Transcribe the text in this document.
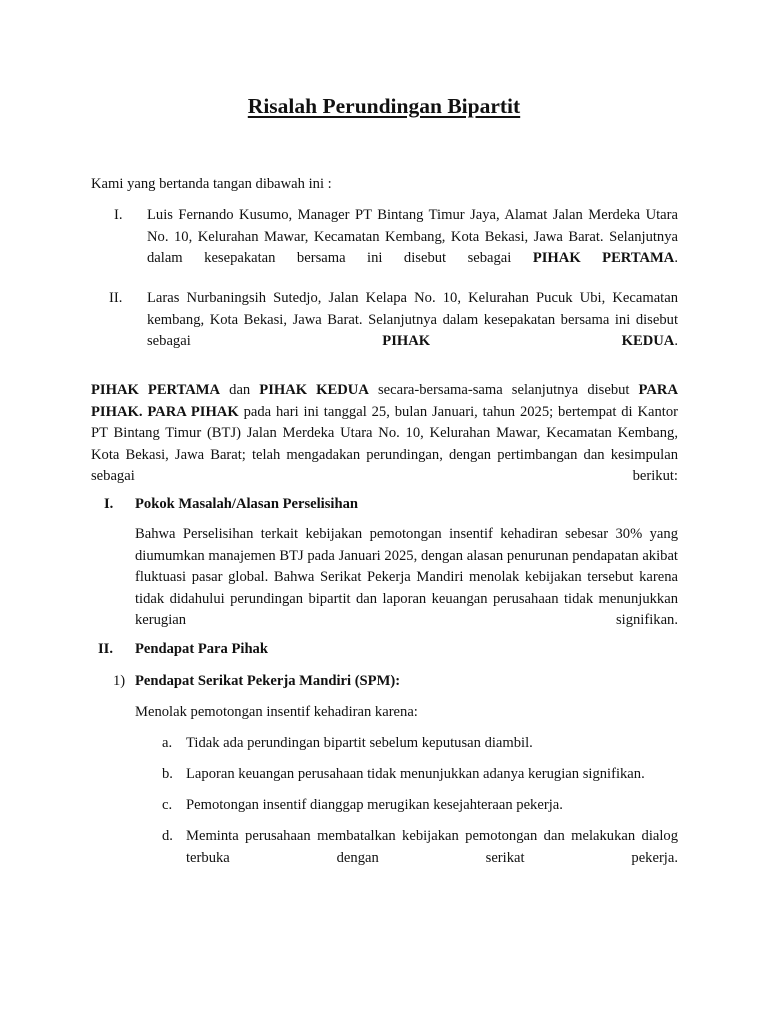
Risalah Perundingan Bipartit
Kami yang bertanda tangan dibawah ini :
I. Luis Fernando Kusumo, Manager PT Bintang Timur Jaya, Alamat Jalan Merdeka Utara No. 10, Kelurahan Mawar, Kecamatan Kembang, Kota Bekasi, Jawa Barat. Selanjutnya dalam kesepakatan bersama ini disebut sebagai PIHAK PERTAMA.
II. Laras Nurbaningsih Sutedjo, Jalan Kelapa No. 10, Kelurahan Pucuk Ubi, Kecamatan kembang, Kota Bekasi, Jawa Barat. Selanjutnya dalam kesepakatan bersama ini disebut sebagai PIHAK KEDUA.
PIHAK PERTAMA dan PIHAK KEDUA secara-bersama-sama selanjutnya disebut PARA PIHAK. PARA PIHAK pada hari ini tanggal 25, bulan Januari, tahun 2025; bertempat di Kantor PT Bintang Timur (BTJ) Jalan Merdeka Utara No. 10, Kelurahan Mawar, Kecamatan Kembang, Kota Bekasi, Jawa Barat; telah mengadakan perundingan, dengan pertimbangan dan kesimpulan sebagai berikut:
I. Pokok Masalah/Alasan Perselisihan
Bahwa Perselisihan terkait kebijakan pemotongan insentif kehadiran sebesar 30% yang diumumkan manajemen BTJ pada Januari 2025, dengan alasan penurunan pendapatan akibat fluktuasi pasar global. Bahwa Serikat Pekerja Mandiri menolak kebijakan tersebut karena tidak didahului perundingan bipartit dan laporan keuangan perusahaan tidak menunjukkan kerugian signifikan.
II. Pendapat Para Pihak
1) Pendapat Serikat Pekerja Mandiri (SPM):
Menolak pemotongan insentif kehadiran karena:
a. Tidak ada perundingan bipartit sebelum keputusan diambil.
b. Laporan keuangan perusahaan tidak menunjukkan adanya kerugian signifikan.
c. Pemotongan insentif dianggap merugikan kesejahteraan pekerja.
d. Meminta perusahaan membatalkan kebijakan pemotongan dan melakukan dialog terbuka dengan serikat pekerja.
